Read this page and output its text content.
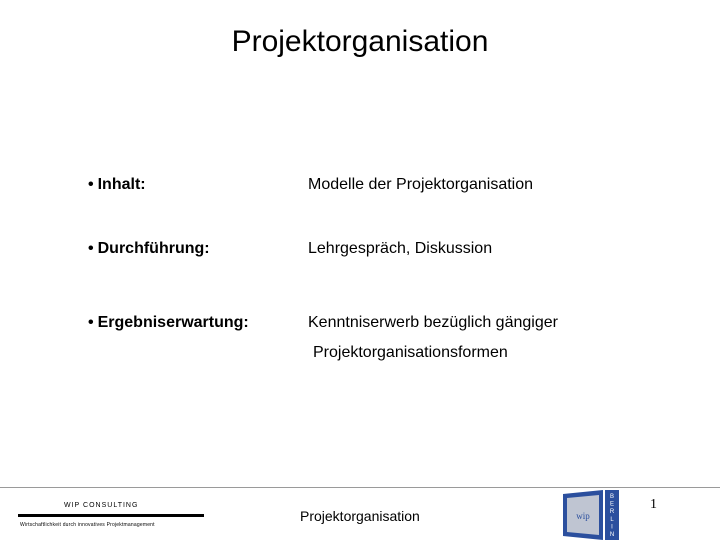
Projektorganisation
• Inhalt:	Modelle der Projektorganisation
• Durchführung:	Lehrgespräch, Diskussion
• Ergebniserwartung:	Kenntniserwerb bezüglich gängiger
Projektorganisationsformen
WIP CONSULTING
Wirtschaftlichkeit durch innovatives Projektmanagement
Projektorganisation
1
wip
B
E
R
L
I
N
